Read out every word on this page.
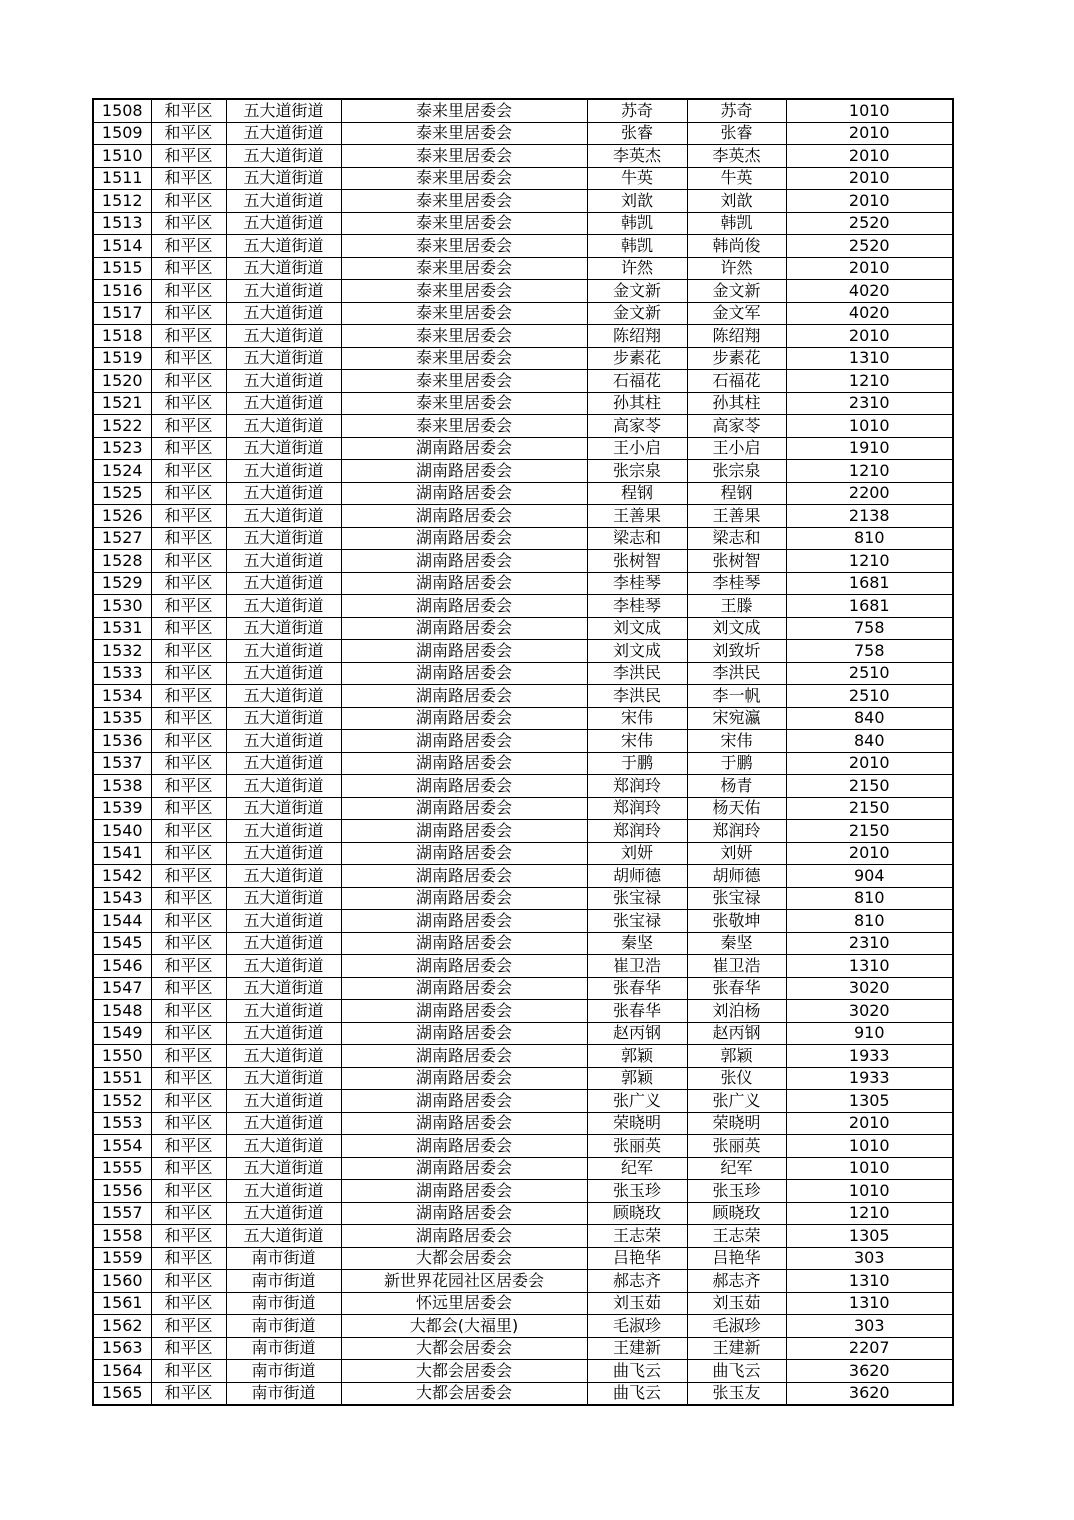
1508	和平区	五大道街道	泰来里居委会	苏奇	苏奇	1010
1509	和平区	五大道街道	泰来里居委会	张睿	张睿	2010
1510	和平区	五大道街道	泰来里居委会	李英杰	李英杰	2010
1511	和平区	五大道街道	泰来里居委会	牛英	牛英	2010
1512	和平区	五大道街道	泰来里居委会	刘歆	刘歆	2010
1513	和平区	五大道街道	泰来里居委会	韩凯	韩凯	2520
1514	和平区	五大道街道	泰来里居委会	韩凯	韩尚俊	2520
1515	和平区	五大道街道	泰来里居委会	许然	许然	2010
1516	和平区	五大道街道	泰来里居委会	金文新	金文新	4020
1517	和平区	五大道街道	泰来里居委会	金文新	金文军	4020
1518	和平区	五大道街道	泰来里居委会	陈绍翔	陈绍翔	2010
1519	和平区	五大道街道	泰来里居委会	步素花	步素花	1310
1520	和平区	五大道街道	泰来里居委会	石福花	石福花	1210
1521	和平区	五大道街道	泰来里居委会	孙其柱	孙其柱	2310
1522	和平区	五大道街道	泰来里居委会	高家苓	高家苓	1010
1523	和平区	五大道街道	湖南路居委会	王小启	王小启	1910
1524	和平区	五大道街道	湖南路居委会	张宗泉	张宗泉	1210
1525	和平区	五大道街道	湖南路居委会	程钢	程钢	2200
1526	和平区	五大道街道	湖南路居委会	王善果	王善果	2138
1527	和平区	五大道街道	湖南路居委会	梁志和	梁志和	810
1528	和平区	五大道街道	湖南路居委会	张树智	张树智	1210
1529	和平区	五大道街道	湖南路居委会	李桂琴	李桂琴	1681
1530	和平区	五大道街道	湖南路居委会	李桂琴	王滕	1681
1531	和平区	五大道街道	湖南路居委会	刘文成	刘文成	758
1532	和平区	五大道街道	湖南路居委会	刘文成	刘致圻	758
1533	和平区	五大道街道	湖南路居委会	李洪民	李洪民	2510
1534	和平区	五大道街道	湖南路居委会	李洪民	李一帆	2510
1535	和平区	五大道街道	湖南路居委会	宋伟	宋宛瀛	840
1536	和平区	五大道街道	湖南路居委会	宋伟	宋伟	840
1537	和平区	五大道街道	湖南路居委会	于鹏	于鹏	2010
1538	和平区	五大道街道	湖南路居委会	郑润玲	杨青	2150
1539	和平区	五大道街道	湖南路居委会	郑润玲	杨天佑	2150
1540	和平区	五大道街道	湖南路居委会	郑润玲	郑润玲	2150
1541	和平区	五大道街道	湖南路居委会	刘妍	刘妍	2010
1542	和平区	五大道街道	湖南路居委会	胡师德	胡师德	904
1543	和平区	五大道街道	湖南路居委会	张宝禄	张宝禄	810
1544	和平区	五大道街道	湖南路居委会	张宝禄	张敬坤	810
1545	和平区	五大道街道	湖南路居委会	秦坚	秦坚	2310
1546	和平区	五大道街道	湖南路居委会	崔卫浩	崔卫浩	1310
1547	和平区	五大道街道	湖南路居委会	张春华	张春华	3020
1548	和平区	五大道街道	湖南路居委会	张春华	刘泊杨	3020
1549	和平区	五大道街道	湖南路居委会	赵丙钢	赵丙钢	910
1550	和平区	五大道街道	湖南路居委会	郭颖	郭颖	1933
1551	和平区	五大道街道	湖南路居委会	郭颖	张仪	1933
1552	和平区	五大道街道	湖南路居委会	张广义	张广义	1305
1553	和平区	五大道街道	湖南路居委会	荣晓明	荣晓明	2010
1554	和平区	五大道街道	湖南路居委会	张丽英	张丽英	1010
1555	和平区	五大道街道	湖南路居委会	纪军	纪军	1010
1556	和平区	五大道街道	湖南路居委会	张玉珍	张玉珍	1010
1557	和平区	五大道街道	湖南路居委会	顾晓玫	顾晓玫	1210
1558	和平区	五大道街道	湖南路居委会	王志荣	王志荣	1305
1559	和平区	南市街道	大都会居委会	吕艳华	吕艳华	303
1560	和平区	南市街道	新世界花园社区居委会	郝志齐	郝志齐	1310
1561	和平区	南市街道	怀远里居委会	刘玉茹	刘玉茹	1310
1562	和平区	南市街道	大都会(大福里)	毛淑珍	毛淑珍	303
1563	和平区	南市街道	大都会居委会	王建新	王建新	2207
1564	和平区	南市街道	大都会居委会	曲飞云	曲飞云	3620
1565	和平区	南市街道	大都会居委会	曲飞云	张玉友	3620
